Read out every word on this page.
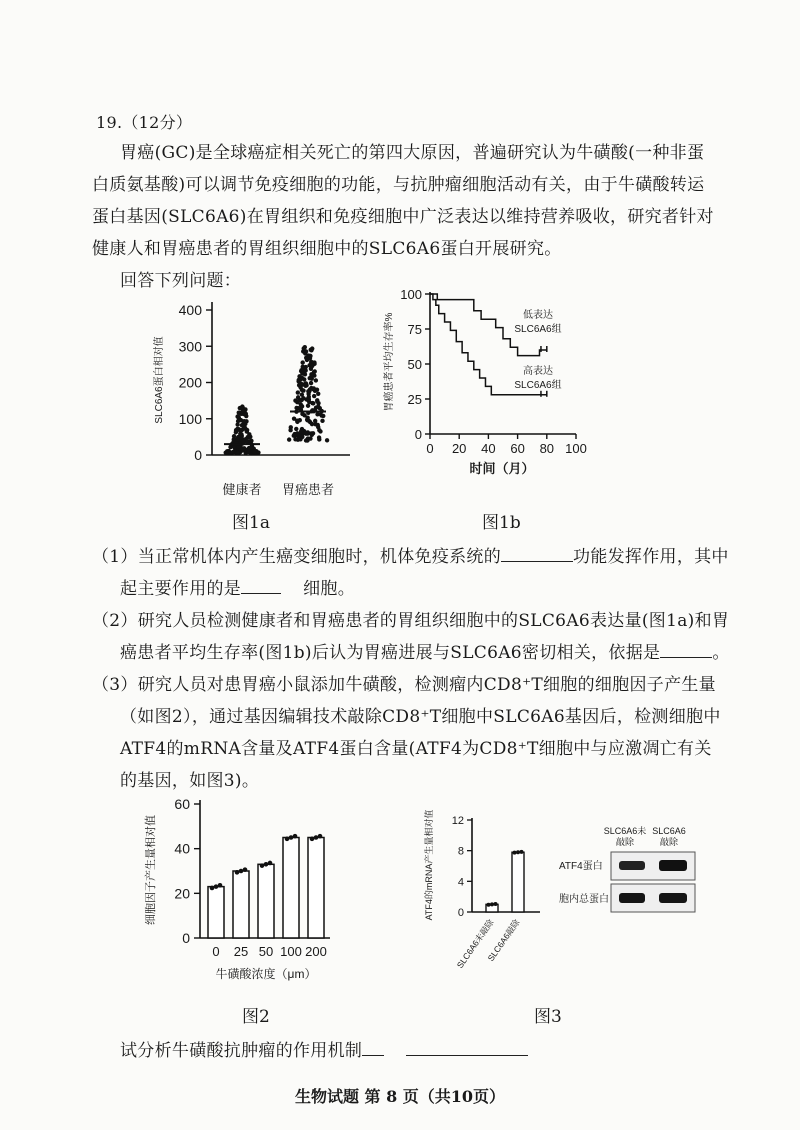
19.（12分）
胃癌(GC)是全球癌症相关死亡的第四大原因，普遍研究认为牛磺酸(一种非蛋
白质氨基酸)可以调节免疫细胞的功能，与抗肿瘤细胞活动有关，由于牛磺酸转运
蛋白基因(SLC6A6)在胃组织和免疫细胞中广泛表达以维持营养吸收，研究者针对
健康人和胃癌患者的胃组织细胞中的SLC6A6蛋白开展研究。
回答下列问题：
0
100
200
300
400
SLC6A6蛋白相对值
健康者 胃癌患者
图1a
0
25
50
75
100
0 20 40 60 80 100
胃癌患者平均生存率%
时间（月）
低表达
SLC6A6组
高表达
SLC6A6组
图1b
（1）当正常机体内产生癌变细胞时，机体免疫系统的	功能发挥作用，其中
起主要作用的是	细胞。
（2）研究人员检测健康者和胃癌患者的胃组织细胞中的SLC6A6表达量(图1a)和胃
癌患者平均生存率(图1b)后认为胃癌进展与SLC6A6密切相关，依据是	。
（3）研究人员对患胃癌小鼠添加牛磺酸，检测瘤内CD8⁺T细胞的细胞因子产生量
（如图2），通过基因编辑技术敲除CD8⁺T细胞中SLC6A6基因后，检测细胞中
ATF4的mRNA含量及ATF4蛋白含量(ATF4为CD8⁺T细胞中与应激凋亡有关
的基因，如图3)。
0
20
40
60
0 25 50 100 200
细胞因子产生量相对值
牛磺酸浓度（μm）
图2
0
4
8
12
ATF4的mRNA产生量相对值
SLC6A6未敲除
SLC6A6敲除
SLC6A6未
敲除
SLC6A6
敲除
ATF4蛋白
胞内总蛋白
图3
试分析牛磺酸抗肿瘤的作用机制
生物试题 第 8 页（共10页）
